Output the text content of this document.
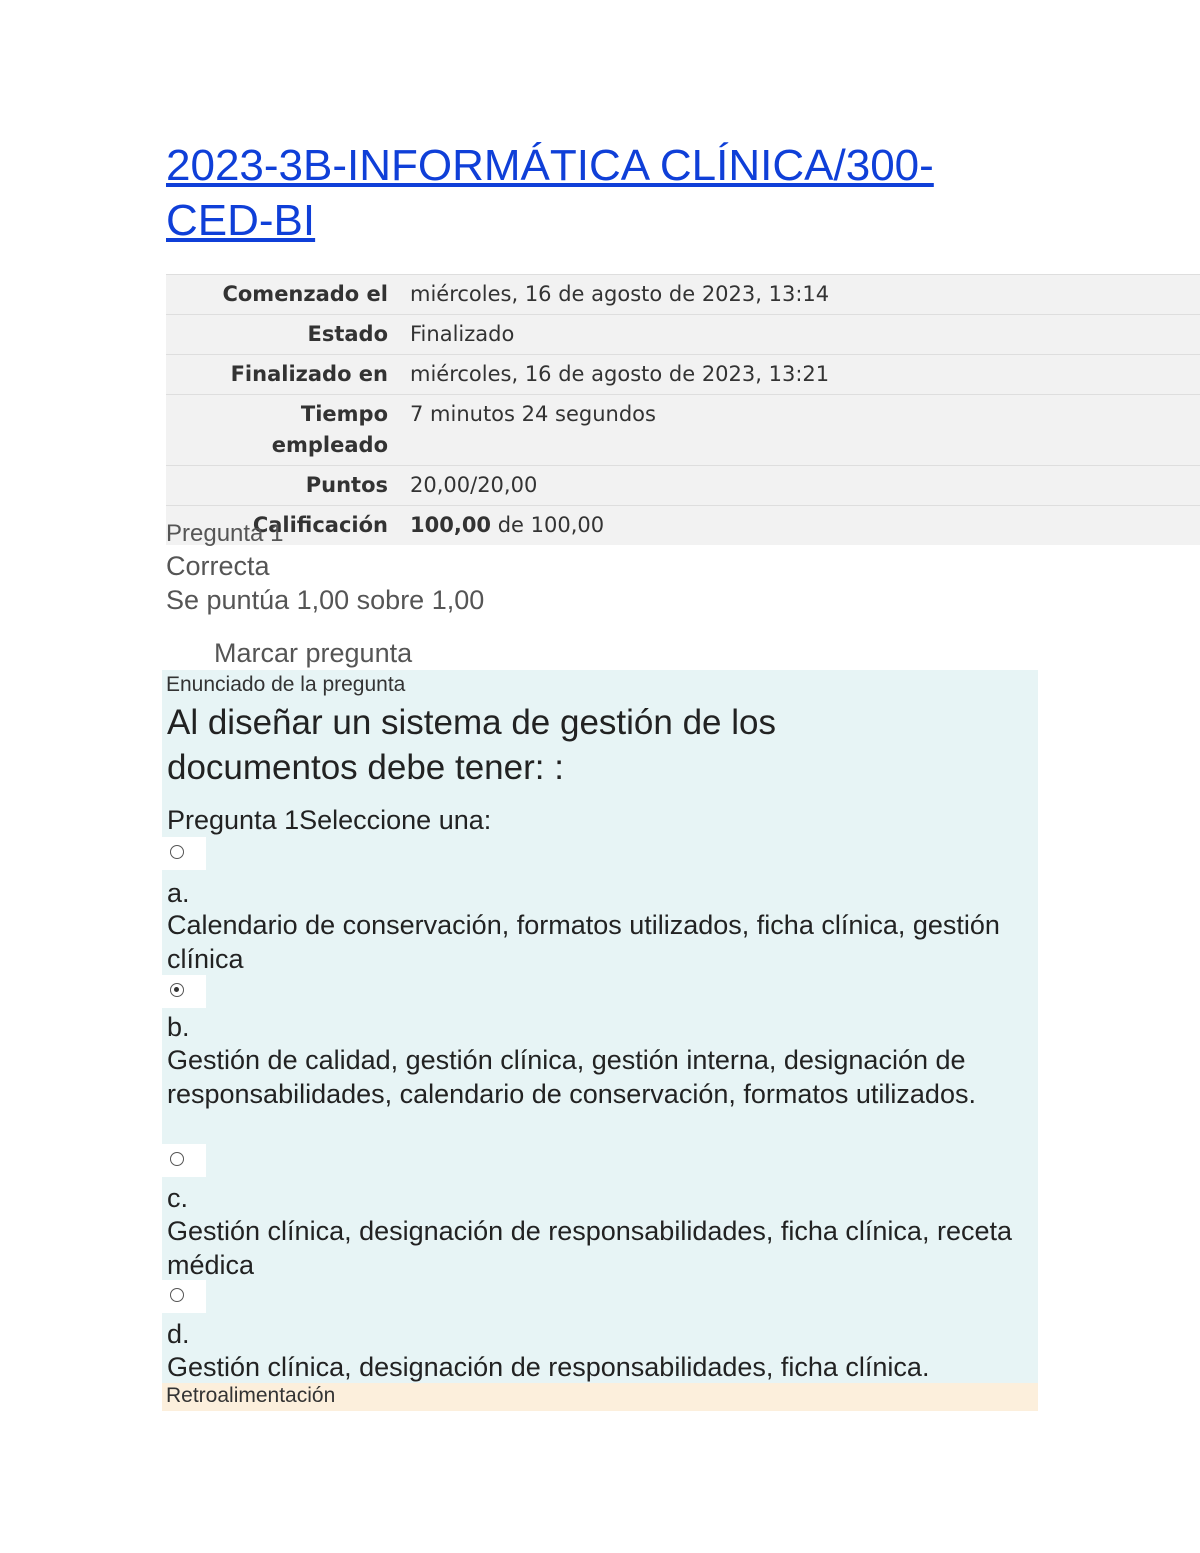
2023-3B-INFORMÁTICA CLÍNICA/300-CED-BI
Comenzado el	miércoles, 16 de agosto de 2023, 13:14
Estado	Finalizado
Finalizado en	miércoles, 16 de agosto de 2023, 13:21
Tiempo empleado	7 minutos 24 segundos
Puntos	20,00/20,00
Calificación	100,00 de 100,00
Pregunta 1
Correcta
Se puntúa 1,00 sobre 1,00
Marcar pregunta
Enunciado de la pregunta
Al diseñar un sistema de gestión de los documentos debe tener: :
Pregunta 1Seleccione una:
a.
Calendario de conservación, formatos utilizados, ficha clínica, gestión clínica
b.
Gestión de calidad, gestión clínica, gestión interna, designación de responsabilidades, calendario de conservación, formatos utilizados.
c.
Gestión clínica, designación de responsabilidades, ficha clínica, receta médica
d.
Gestión clínica, designación de responsabilidades, ficha clínica.
Retroalimentación
